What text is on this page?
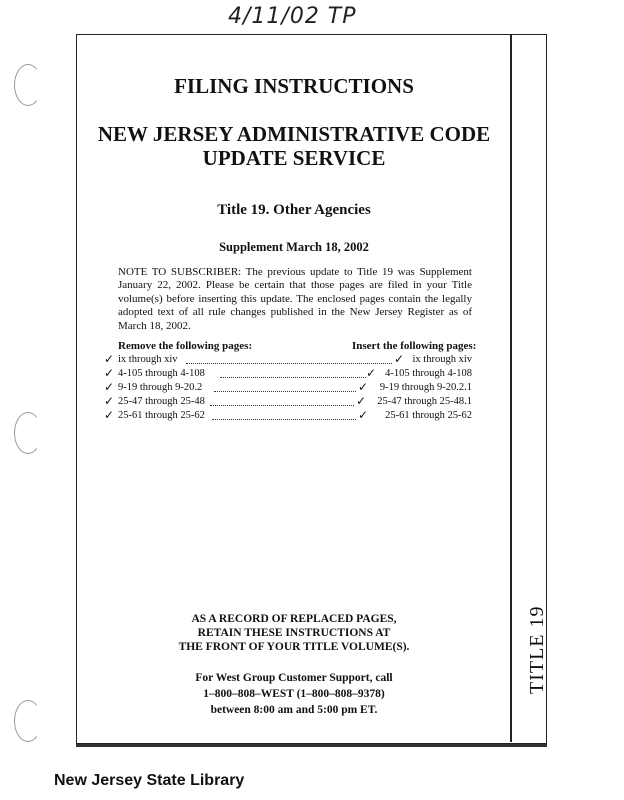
4/11/02 TP
TITLE 19
FILING INSTRUCTIONS
NEW JERSEY ADMINISTRATIVE CODE
UPDATE SERVICE
Title 19. Other Agencies
Supplement March 18, 2002
NOTE TO SUBSCRIBER: The previous update to Title 19 was Supplement January 22, 2002. Please be certain that those pages are filed in your Title volume(s) before inserting this update. The enclosed pages contain the legally adopted text of all rule changes published in the New Jersey Register as of March 18, 2002.
Remove the following pages:	Insert the following pages:
✓ ix through xiv	✓ ix through xiv
✓ 4-105 through 4-108	✓ 4-105 through 4-108
✓ 9-19 through 9-20.2	✓ 9-19 through 9-20.2.1
✓ 25-47 through 25-48	✓ 25-47 through 25-48.1
✓ 25-61 through 25-62	✓ 25-61 through 25-62
AS A RECORD OF REPLACED PAGES,
RETAIN THESE INSTRUCTIONS AT
THE FRONT OF YOUR TITLE VOLUME(S).
For West Group Customer Support, call
1–800–808–WEST (1–800–808–9378)
between 8:00 am and 5:00 pm ET.
New Jersey State Library
